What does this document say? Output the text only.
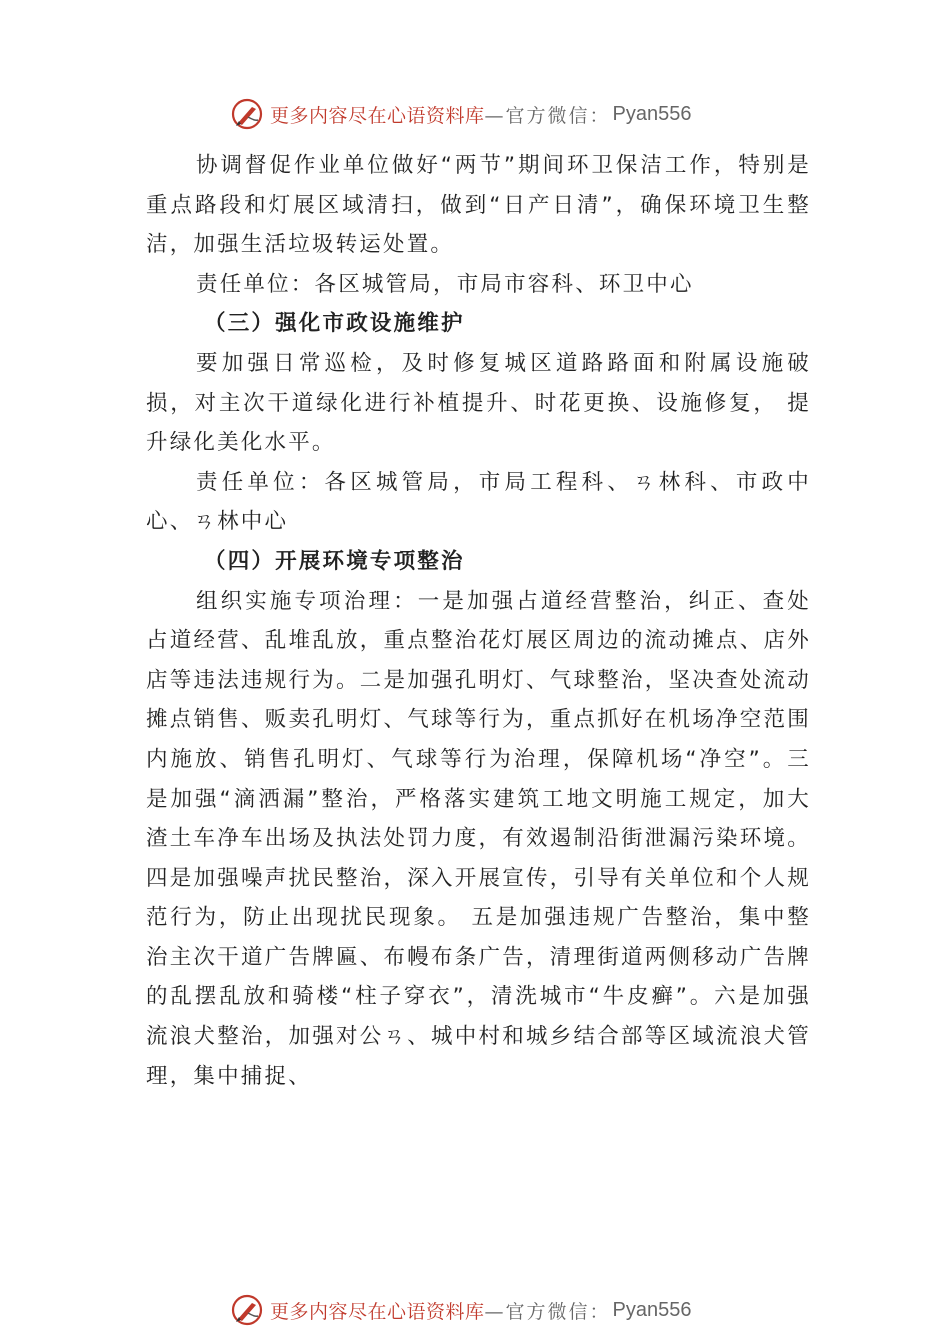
更多内容尽在心语资料库 —官方微信： Pyan556

协调督促作业单位做好“两节”期间环卫保洁工作，特别是重点路段和灯展区域清扫，做到“日产日清”，确保环境卫生整洁，加强生活垃圾转运处置。

责任单位：各区城管局，市局市容科、环卫中心

（三）强化市政设施维护

要加强日常巡检，及时修复城区道路路面和附属设施破损，对主次干道绿化进行补植提升、时花更换、设施修复， 提升绿化美化水平。

责任单位：各区城管局，市局工程科、ㄢ林科、市政中心、ㄢ林中心

（四）开展环境专项整治

组织实施专项治理：一是加强占道经营整治，纠正、查处占道经营、乱堆乱放，重点整治花灯展区周边的流动摊点、店外店等违法违规行为。二是加强孔明灯、气球整治，坚决查处流动摊点销售、贩卖孔明灯、气球等行为，重点抓好在机场净空范围内施放、销售孔明灯、气球等行为治理，保障机场“净空”。三是加强“滴洒漏”整治，严格落实建筑工地文明施工规定，加大渣土车净车出场及执法处罚力度，有效遏制沿街泄漏污染环境。四是加强噪声扰民整治，深入开展宣传，引导有关单位和个人规范行为，防止出现扰民现象。 五是加强违规广告整治，集中整治主次干道广告牌匾、布幔布条广告，清理街道两侧移动广告牌的乱摆乱放和骑楼“柱子穿衣”，清洗城市“牛皮癣”。六是加强流浪犬整治，加强对公ㄢ、城中村和城乡结合部等区域流浪犬管理，集中捕捉、

更多内容尽在心语资料库 —官方微信： Pyan556
